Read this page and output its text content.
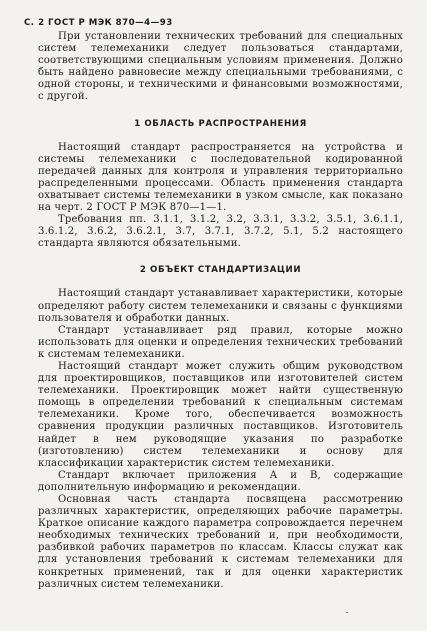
С. 2 ГОСТ Р МЭК 870—4—93

При установлении технических требований для специальных систем телемеханики следует пользоваться стандартами, соответствующими специальным условиям применения. Должно быть найдено равновесие между специальными требованиями, с одной стороны, и техническими и финансовыми возможностями, с другой.

1 ОБЛАСТЬ РАСПРОСТРАНЕНИЯ

Настоящий стандарт распространяется на устройства и системы телемеханики с последовательной кодированной передачей данных для контроля и управления территориально распределенными процессами. Область применения стандарта охватывает системы телемеханики в узком смысле, как показано на черт. 2 ГОСТ Р МЭК 870—1—1.

Требования пп. 3.1.1, 3.1.2, 3.2, 3.3.1, 3.3.2, 3.5.1, 3.6.1.1, 3.6.1.2, 3.6.2, 3.6.2.1, 3.7, 3.7.1, 3.7.2, 5.1, 5.2 настоящего стандарта являются обязательными.

2 ОБЪЕКТ СТАНДАРТИЗАЦИИ

Настоящий стандарт устанавливает характеристики, которые определяют работу систем телемеханики и связаны с функциями пользователя и обработки данных.

Стандарт устанавливает ряд правил, которые можно использовать для оценки и определения технических требований к системам телемеханики.

Настоящий стандарт может служить общим руководством для проектировщиков, поставщиков или изготовителей систем телемеханики. Проектировщик может найти существенную помощь в определении требований к специальным системам телемеханики. Кроме того, обеспечивается возможность сравнения продукции различных поставщиков. Изготовитель найдет в нем руководящие указания по разработке (изготовлению) систем телемеханики и основу для классификации характеристик систем телемеханики.

Стандарт включает приложения А и В, содержащие дополнительную информацию и рекомендации.

Основная часть стандарта посвящена рассмотрению различных характеристик, определяющих рабочие параметры. Краткое описание каждого параметра сопровождается перечнем необходимых технических требований и, при необходимости, разбивкой рабочих параметров по классам. Классы служат как для установления требований к системам телемеханики для конкретных применений, так и для оценки характеристик различных систем телемеханики.
